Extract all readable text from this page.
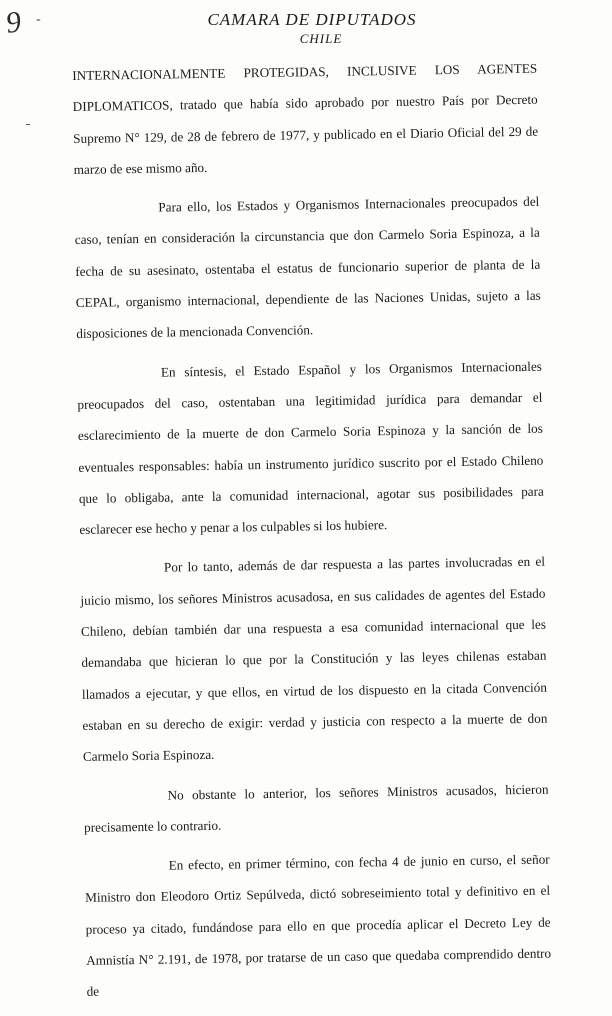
9 -	CAMARA DE DIPUTADOS
CHILE

INTERNACIONALMENTE PROTEGIDAS, INCLUSIVE LOS AGENTES DIPLOMATICOS, tratado que había sido aprobado por nuestro País por Decreto Supremo N° 129, de 28 de febrero de 1977, y publicado en el Diario Oficial del 29 de marzo de ese mismo año.

Para ello, los Estados y Organismos Internacionales preocupados del caso, tenían en consideración la circunstancia que don Carmelo Soria Espinoza, a la fecha de su asesinato, ostentaba el estatus de funcionario superior de planta de la CEPAL, organismo internacional, dependiente de las Naciones Unidas, sujeto a las disposiciones de la mencionada Convención.

En síntesis, el Estado Español y los Organismos Internacionales preocupados del caso, ostentaban una legitimidad jurídica para demandar el esclarecimiento de la muerte de don Carmelo Soria Espinoza y la sanción de los eventuales responsables: había un instrumento jurídico suscrito por el Estado Chileno que lo obligaba, ante la comunidad internacional, agotar sus posibilidades para esclarecer ese hecho y penar a los culpables si los hubiere.

Por lo tanto, además de dar respuesta a las partes involucradas en el juicio mismo, los señores Ministros acusadosa, en sus calidades de agentes del Estado Chileno, debían también dar una respuesta a esa comunidad internacional que les demandaba que hicieran lo que por la Constitución y las leyes chilenas estaban llamados a ejecutar, y que ellos, en virtud de los dispuesto en la citada Convención estaban en su derecho de exigir: verdad y justicia con respecto a la muerte de don Carmelo Soria Espinoza.

No obstante lo anterior, los señores Ministros acusados, hicieron precisamente lo contrario.

En efecto, en primer término, con fecha 4 de junio en curso, el señor Ministro don Eleodoro Ortiz Sepúlveda, dictó sobreseimiento total y definitivo en el proceso ya citado, fundándose para ello en que procedía aplicar el Decreto Ley de Amnistía N° 2.191, de 1978, por tratarse de un caso que quedaba comprendido dentro de
